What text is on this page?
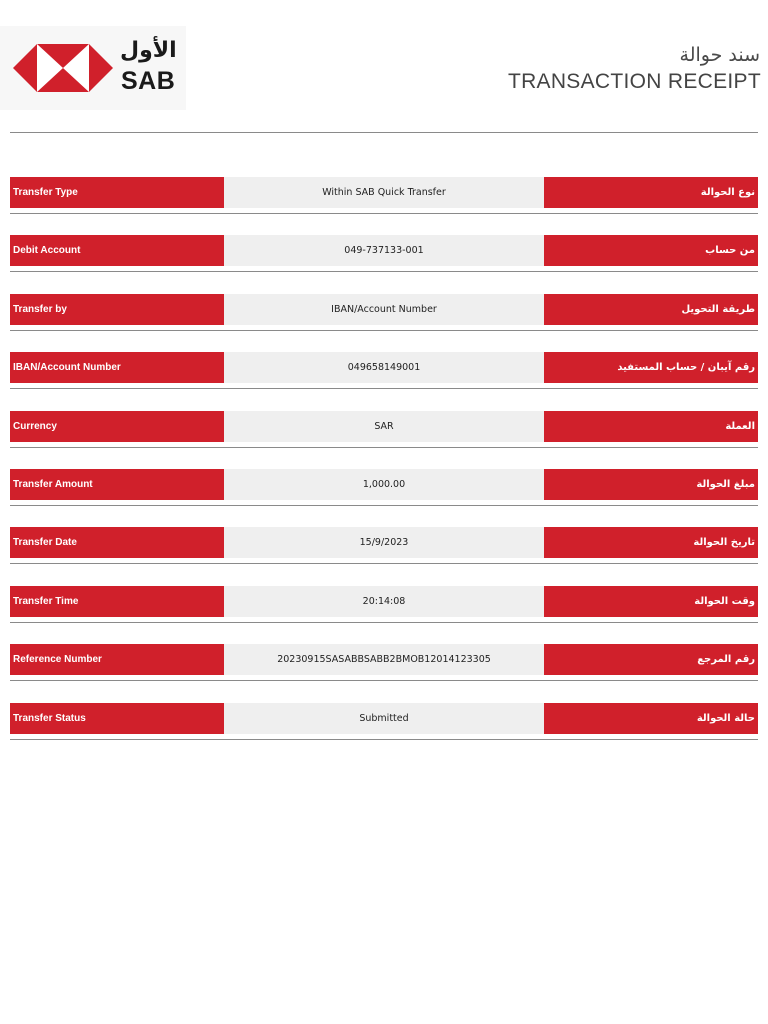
الأول
SAB
سند حوالة
TRANSACTION RECEIPT
Transfer Type	Within SAB Quick Transfer	نوع الحوالة
Debit Account	049-737133-001	من حساب
Transfer by	IBAN/Account Number	طريقة التحويل
IBAN/Account Number	049658149001	رقم آيبان / حساب المستفيد
Currency	SAR	العملة
Transfer Amount	1,000.00	مبلغ الحوالة
Transfer Date	15/9/2023	تاريخ الحوالة
Transfer Time	20:14:08	وقت الحوالة
Reference Number	20230915SASABBSABB2BMOB12014123305	رقم المرجع
Transfer Status	Submitted	حالة الحوالة
